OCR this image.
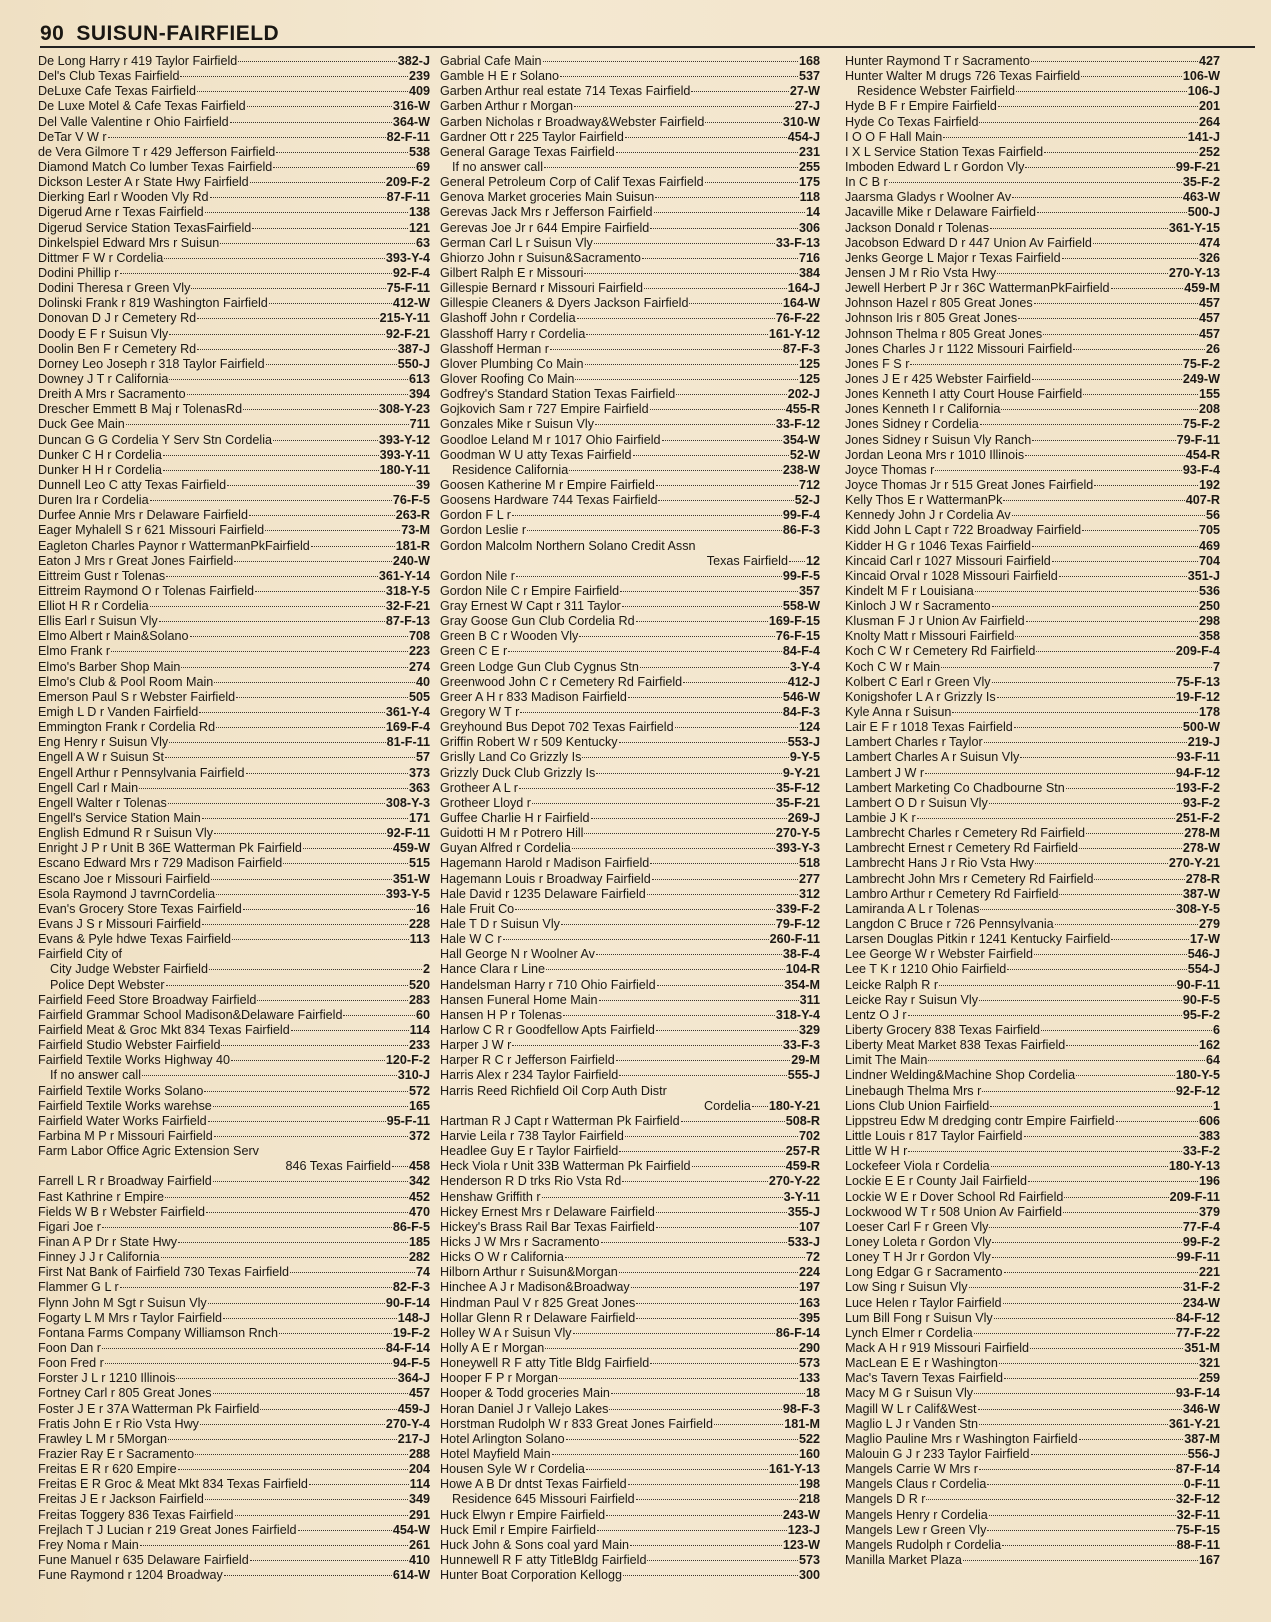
90 SUISUN-FAIRFIELD
De Long Harry r 419 Taylor Fairfield	382-J
Del's Club Texas Fairfield	239
DeLuxe Cafe Texas Fairfield	409
De Luxe Motel & Cafe Texas Fairfield	316-W
Del Valle Valentine r Ohio Fairfield	364-W
DeTar V W r	82-F-11
de Vera Gilmore T r 429 Jefferson Fairfield	538
Diamond Match Co lumber Texas Fairfield	69
Dickson Lester A r State Hwy Fairfield	209-F-2
Dierking Earl r Wooden Vly Rd	87-F-11
Digerud Arne r Texas Fairfield	138
Digerud Service Station TexasFairfield	121
Dinkelspiel Edward Mrs r Suisun	63
Dittmer F W r Cordelia	393-Y-4
Dodini Phillip r	92-F-4
Dodini Theresa r Green Vly	75-F-11
Dolinski Frank r 819 Washington Fairfield	412-W
Donovan D J r Cemetery Rd	215-Y-11
Doody E F r Suisun Vly	92-F-21
Doolin Ben F r Cemetery Rd	387-J
Dorney Leo Joseph r 318 Taylor Fairfield	550-J
Downey J T r California	613
Dreith A Mrs r Sacramento	394
Drescher Emmett B Maj r TolenasRd	308-Y-23
Duck Gee Main	711
Duncan G G Cordelia Y Serv Stn Cordelia	393-Y-12
Dunker C H r Cordelia	393-Y-11
Dunker H H r Cordelia	180-Y-11
Dunnell Leo C atty Texas Fairfield	39
Duren Ira r Cordelia	76-F-5
Durfee Annie Mrs r Delaware Fairfield	263-R
Eager Myhalell S r 621 Missouri Fairfield	73-M
Eagleton Charles Paynor r WattermanPkFairfield	181-R
Eaton J Mrs r Great Jones Fairfield	240-W
Eittreim Gust r Tolenas	361-Y-14
Eittreim Raymond O r Tolenas Fairfield	318-Y-5
Elliot H R r Cordelia	32-F-21
Ellis Earl r Suisun Vly	87-F-13
Elmo Albert r Main&Solano	708
Elmo Frank r	223
Elmo's Barber Shop Main	274
Elmo's Club & Pool Room Main	40
Emerson Paul S r Webster Fairfield	505
Emigh L D r Vanden Fairfield	361-Y-4
Emmington Frank r Cordelia Rd	169-F-4
Eng Henry r Suisun Vly	81-F-11
Engell A W r Suisun St	57
Engell Arthur r Pennsylvania Fairfield	373
Engell Carl r Main	363
Engell Walter r Tolenas	308-Y-3
Engell's Service Station Main	171
English Edmund R r Suisun Vly	92-F-11
Enright J P r Unit B 36E Watterman Pk Fairfield	459-W
Escano Edward Mrs r 729 Madison Fairfield	515
Escano Joe r Missouri Fairfield	351-W
Esola Raymond J tavrnCordelia	393-Y-5
Evan's Grocery Store Texas Fairfield	16
Evans J S r Missouri Fairfield	228
Evans & Pyle hdwe Texas Fairfield	113
Fairfield City of
City Judge Webster Fairfield	2
Police Dept Webster	520
Fairfield Feed Store Broadway Fairfield	283
Fairfield Grammar School Madison&Delaware Fairfield	60
Fairfield Meat & Groc Mkt 834 Texas Fairfield	114
Fairfield Studio Webster Fairfield	233
Fairfield Textile Works Highway 40	120-F-2
If no answer call	310-J
Fairfield Textile Works Solano	572
Fairfield Textile Works warehse	165
Fairfield Water Works Fairfield	95-F-11
Farbina M P r Missouri Fairfield	372
Farm Labor Office Agric Extension Serv
846 Texas Fairfield 458
Farrell L R r Broadway Fairfield	342
Fast Kathrine r Empire	452
Fields W B r Webster Fairfield	470
Figari Joe r	86-F-5
Finan A P Dr r State Hwy	185
Finney J J r California	282
First Nat Bank of Fairfield 730 Texas Fairfield	74
Flammer G L r	82-F-3
Flynn John M Sgt r Suisun Vly	90-F-14
Fogarty L M Mrs r Taylor Fairfield	148-J
Fontana Farms Company Williamson Rnch	19-F-2
Foon Dan r	84-F-14
Foon Fred r	94-F-5
Forster J L r 1210 Illinois	364-J
Fortney Carl r 805 Great Jones	457
Foster J E r 37A Watterman Pk Fairfield	459-J
Fratis John E r Rio Vsta Hwy	270-Y-4
Frawley L M r 5Morgan	217-J
Frazier Ray E r Sacramento	288
Freitas E R r 620 Empire	204
Freitas E R Groc & Meat Mkt 834 Texas Fairfield	114
Freitas J E r Jackson Fairfield	349
Freitas Toggery 836 Texas Fairfield	291
Frejlach T J Lucian r 219 Great Jones Fairfield	454-W
Frey Noma r Main	261
Fune Manuel r 635 Delaware Fairfield	410
Fune Raymond r 1204 Broadway	614-W
Gabrial Cafe Main	168
Gamble H E r Solano	537
Garben Arthur real estate 714 Texas Fairfield	27-W
Garben Arthur r Morgan	27-J
Garben Nicholas r Broadway&Webster Fairfield	310-W
Gardner Ott r 225 Taylor Fairfield	454-J
General Garage Texas Fairfield	231
If no answer call	255
General Petroleum Corp of Calif Texas Fairfield	175
Genova Market groceries Main Suisun	118
Gerevas Jack Mrs r Jefferson Fairfield	14
Gerevas Joe Jr r 644 Empire Fairfield	306
German Carl L r Suisun Vly	33-F-13
Ghiorzo John r Suisun&Sacramento	716
Gilbert Ralph E r Missouri	384
Gillespie Bernard r Missouri Fairfield	164-J
Gillespie Cleaners & Dyers Jackson Fairfield	164-W
Glashoff John r Cordelia	76-F-22
Glasshoff Harry r Cordelia	161-Y-12
Glasshoff Herman r	87-F-3
Glover Plumbing Co Main	125
Glover Roofing Co Main	125
Godfrey's Standard Station Texas Fairfield	202-J
Gojkovich Sam r 727 Empire Fairfield	455-R
Gonzales Mike r Suisun Vly	33-F-12
Goodloe Leland M r 1017 Ohio Fairfield	354-W
Goodman W U atty Texas Fairfield	52-W
Residence California	238-W
Goosen Katherine M r Empire Fairfield	712
Goosens Hardware 744 Texas Fairfield	52-J
Gordon F L r	99-F-4
Gordon Leslie r	86-F-3
Gordon Malcolm Northern Solano Credit Assn
Texas Fairfield 12
Gordon Nile r	99-F-5
Gordon Nile C r Empire Fairfield	357
Gray Ernest W Capt r 311 Taylor	558-W
Gray Goose Gun Club Cordelia Rd	169-F-15
Green B C r Wooden Vly	76-F-15
Green C E r	84-F-4
Green Lodge Gun Club Cygnus Stn	3-Y-4
Greenwood John C r Cemetery Rd Fairfield	412-J
Greer A H r 833 Madison Fairfield	546-W
Gregory W T r	84-F-3
Greyhound Bus Depot 702 Texas Fairfield	124
Griffin Robert W r 509 Kentucky	553-J
Grislly Land Co Grizzly Is	9-Y-5
Grizzly Duck Club Grizzly Is	9-Y-21
Grotheer A L r	35-F-12
Grotheer Lloyd r	35-F-21
Guffee Charlie H r Fairfield	269-J
Guidotti H M r Potrero Hill	270-Y-5
Guyan Alfred r Cordelia	393-Y-3
Hagemann Harold r Madison Fairfield	518
Hagemann Louis r Broadway Fairfield	277
Hale David r 1235 Delaware Fairfield	312
Hale Fruit Co	339-F-2
Hale T D r Suisun Vly	79-F-12
Hale W C r	260-F-11
Hall George N r Woolner Av	38-F-4
Hance Clara r Line	104-R
Handelsman Harry r 710 Ohio Fairfield	354-M
Hansen Funeral Home Main	311
Hansen H P r Tolenas	318-Y-4
Harlow C R r Goodfellow Apts Fairfield	329
Harper J W r	33-F-3
Harper R C r Jefferson Fairfield	29-M
Harris Alex r 234 Taylor Fairfield	555-J
Harris Reed Richfield Oil Corp Auth Distr
Cordelia 180-Y-21
Hartman R J Capt r Watterman Pk Fairfield	508-R
Harvie Leila r 738 Taylor Fairfield	702
Headlee Guy E r Taylor Fairfield	257-R
Heck Viola r Unit 33B Watterman Pk Fairfield	459-R
Henderson R D trks Rio Vsta Rd	270-Y-22
Henshaw Griffith r	3-Y-11
Hickey Ernest Mrs r Delaware Fairfield	355-J
Hickey's Brass Rail Bar Texas Fairfield	107
Hicks J W Mrs r Sacramento	533-J
Hicks O W r California	72
Hilborn Arthur r Suisun&Morgan	224
Hinchee A J r Madison&Broadway	197
Hindman Paul V r 825 Great Jones	163
Hollar Glenn R r Delaware Fairfield	395
Holley W A r Suisun Vly	86-F-14
Holly A E r Morgan	290
Honeywell R F atty Title Bldg Fairfield	573
Hooper F P r Morgan	133
Hooper & Todd groceries Main	18
Horan Daniel J r Vallejo Lakes	98-F-3
Horstman Rudolph W r 833 Great Jones Fairfield	181-M
Hotel Arlington Solano	522
Hotel Mayfield Main	160
Housen Syle W r Cordelia	161-Y-13
Howe A B Dr dntst Texas Fairfield	198
Residence 645 Missouri Fairfield	218
Huck Elwyn r Empire Fairfield	243-W
Huck Emil r Empire Fairfield	123-J
Huck John & Sons coal yard Main	123-W
Hunnewell R F atty TitleBldg Fairfield	573
Hunter Boat Corporation Kellogg	300
Hunter Raymond T r Sacramento	427
Hunter Walter M drugs 726 Texas Fairfield	106-W
Residence Webster Fairfield	106-J
Hyde B F r Empire Fairfield	201
Hyde Co Texas Fairfield	264
I O O F Hall Main	141-J
I X L Service Station Texas Fairfield	252
Imboden Edward L r Gordon Vly	99-F-21
In C B r	35-F-2
Jaarsma Gladys r Woolner Av	463-W
Jacaville Mike r Delaware Fairfield	500-J
Jackson Donald r Tolenas	361-Y-15
Jacobson Edward D r 447 Union Av Fairfield	474
Jenks George L Major r Texas Fairfield	326
Jensen J M r Rio Vsta Hwy	270-Y-13
Jewell Herbert P Jr r 36C WattermanPkFairfield	459-M
Johnson Hazel r 805 Great Jones	457
Johnson Iris r 805 Great Jones	457
Johnson Thelma r 805 Great Jones	457
Jones Charles J r 1122 Missouri Fairfield	26
Jones F S r	75-F-2
Jones J E r 425 Webster Fairfield	249-W
Jones Kenneth I atty Court House Fairfield	155
Jones Kenneth I r California	208
Jones Sidney r Cordelia	75-F-2
Jones Sidney r Suisun Vly Ranch	79-F-11
Jordan Leona Mrs r 1010 Illinois	454-R
Joyce Thomas r	93-F-4
Joyce Thomas Jr r 515 Great Jones Fairfield	192
Kelly Thos E r WattermanPk	407-R
Kennedy John J r Cordelia Av	56
Kidd John L Capt r 722 Broadway Fairfield	705
Kidder H G r 1046 Texas Fairfield	469
Kincaid Carl r 1027 Missouri Fairfield	704
Kincaid Orval r 1028 Missouri Fairfield	351-J
Kindelt M F r Louisiana	536
Kinloch J W r Sacramento	250
Klusman F J r Union Av Fairfield	298
Knolty Matt r Missouri Fairfield	358
Koch C W r Cemetery Rd Fairfield	209-F-4
Koch C W r Main	7
Kolbert C Earl r Green Vly	75-F-13
Konigshofer L A r Grizzly Is	19-F-12
Kyle Anna r Suisun	178
Lair E F r 1018 Texas Fairfield	500-W
Lambert Charles r Taylor	219-J
Lambert Charles A r Suisun Vly	93-F-11
Lambert J W r	94-F-12
Lambert Marketing Co Chadbourne Stn	193-F-2
Lambert O D r Suisun Vly	93-F-2
Lambie J K r	251-F-2
Lambrecht Charles r Cemetery Rd Fairfield	278-M
Lambrecht Ernest r Cemetery Rd Fairfield	278-W
Lambrecht Hans J r Rio Vsta Hwy	270-Y-21
Lambrecht John Mrs r Cemetery Rd Fairfield	278-R
Lambro Arthur r Cemetery Rd Fairfield	387-W
Lamiranda A L r Tolenas	308-Y-5
Langdon C Bruce r 726 Pennsylvania	279
Larsen Douglas Pitkin r 1241 Kentucky Fairfield	17-W
Lee George W r Webster Fairfield	546-J
Lee T K r 1210 Ohio Fairfield	554-J
Leicke Ralph R r	90-F-11
Leicke Ray r Suisun Vly	90-F-5
Lentz O J r	95-F-2
Liberty Grocery 838 Texas Fairfield	6
Liberty Meat Market 838 Texas Fairfield	162
Limit The Main	64
Lindner Welding&Machine Shop Cordelia	180-Y-5
Linebaugh Thelma Mrs r	92-F-12
Lions Club Union Fairfield	1
Lippstreu Edw M dredging contr Empire Fairfield	606
Little Louis r 817 Taylor Fairfield	383
Little W H r	33-F-2
Lockefeer Viola r Cordelia	180-Y-13
Lockie E E r County Jail Fairfield	196
Lockie W E r Dover School Rd Fairfield	209-F-11
Lockwood W T r 508 Union Av Fairfield	379
Loeser Carl F r Green Vly	77-F-4
Loney Loleta r Gordon Vly	99-F-2
Loney T H Jr r Gordon Vly	99-F-11
Long Edgar G r Sacramento	221
Low Sing r Suisun Vly	31-F-2
Luce Helen r Taylor Fairfield	234-W
Lum Bill Fong r Suisun Vly	84-F-12
Lynch Elmer r Cordelia	77-F-22
Mack A H r 919 Missouri Fairfield	351-M
MacLean E E r Washington	321
Mac's Tavern Texas Fairfield	259
Macy M G r Suisun Vly	93-F-14
Magill W L r Calif&West	346-W
Maglio L J r Vanden Stn	361-Y-21
Maglio Pauline Mrs r Washington Fairfield	387-M
Malouin G J r 233 Taylor Fairfield	556-J
Mangels Carrie W Mrs r	87-F-14
Mangels Claus r Cordelia	0-F-11
Mangels D R r	32-F-12
Mangels Henry r Cordelia	32-F-11
Mangels Lew r Green Vly	75-F-15
Mangels Rudolph r Cordelia	88-F-11
Manilla Market Plaza	167
